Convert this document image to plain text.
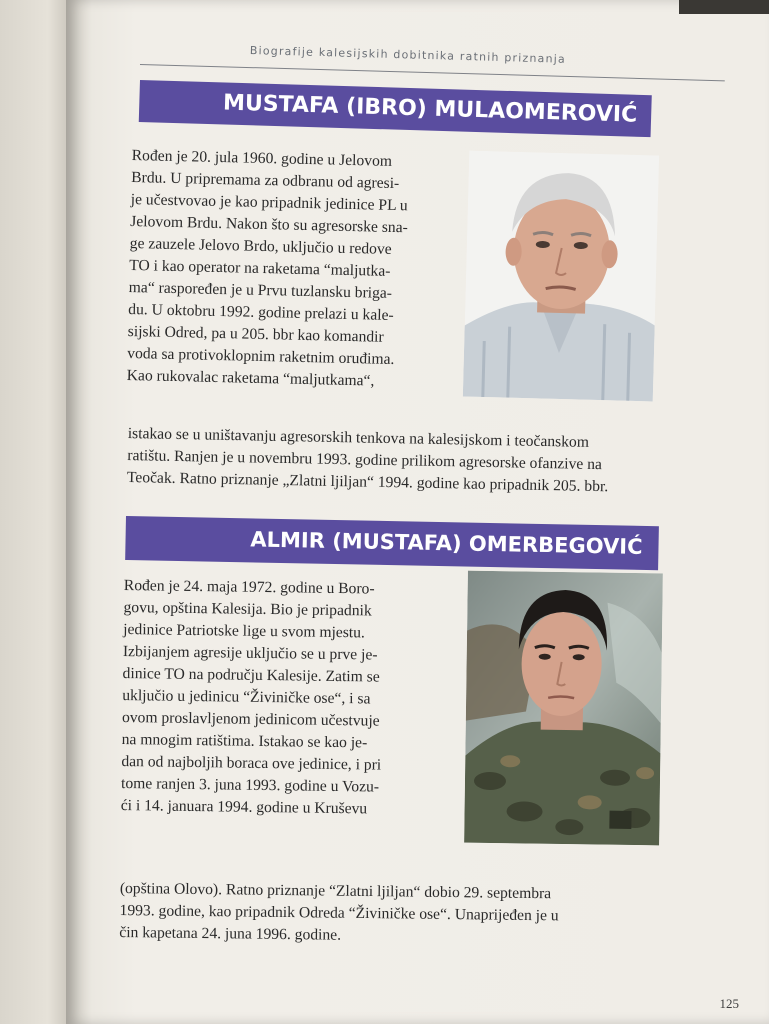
Biografije kalesijskih dobitnika ratnih priznanja
MUSTAFA (IBRO) MULAOMEROVIĆ

Rođen je 20. jula 1960. godine u Jelovom
Brdu. U pripremama za odbranu od agresi-
je učestvovao je kao pripadnik jedinice PL u
Jelovom Brdu. Nakon što su agresorske sna-
ge zauzele Jelovo Brdo, uključio u redove
TO i kao operator na raketama “maljutka-
ma“ raspoređen je u Prvu tuzlansku briga-
du. U oktobru 1992. godine prelazi u kale-
sijski Odred, pa u 205. bbr kao komandir
voda sa protivoklopnim raketnim oruđima.
Kao rukovalac raketama “maljutkama“,

istakao se u uništavanju agresorskih tenkova na kalesijskom i teočanskom
ratištu. Ranjen je u novembru 1993. godine prilikom agresorske ofanzive na
Teočak. Ratno priznanje „Zlatni ljiljan“ 1994. godine kao pripadnik 205. bbr.

ALMIR (MUSTAFA) OMERBEGOVIĆ

Rođen je 24. maja 1972. godine u Boro-
govu, opština Kalesija. Bio je pripadnik
jedinice Patriotske lige u svom mjestu.
Izbijanjem agresije uključio se u prve je-
dinice TO na području Kalesije. Zatim se
uključio u jedinicu “Živiničke ose“, i sa
ovom proslavljenom jedinicom učestvuje
na mnogim ratištima. Istakao se kao je-
dan od najboljih boraca ove jedinice, i pri
tome ranjen 3. juna 1993. godine u Vozu-
ći i 14. januara 1994. godine u Kruševu

(opština Olovo). Ratno priznanje “Zlatni ljiljan“ dobio 29. septembra
1993. godine, kao pripadnik Odreda “Živiničke ose“. Unaprijeđen je u
čin kapetana 24. juna 1996. godine.

125
